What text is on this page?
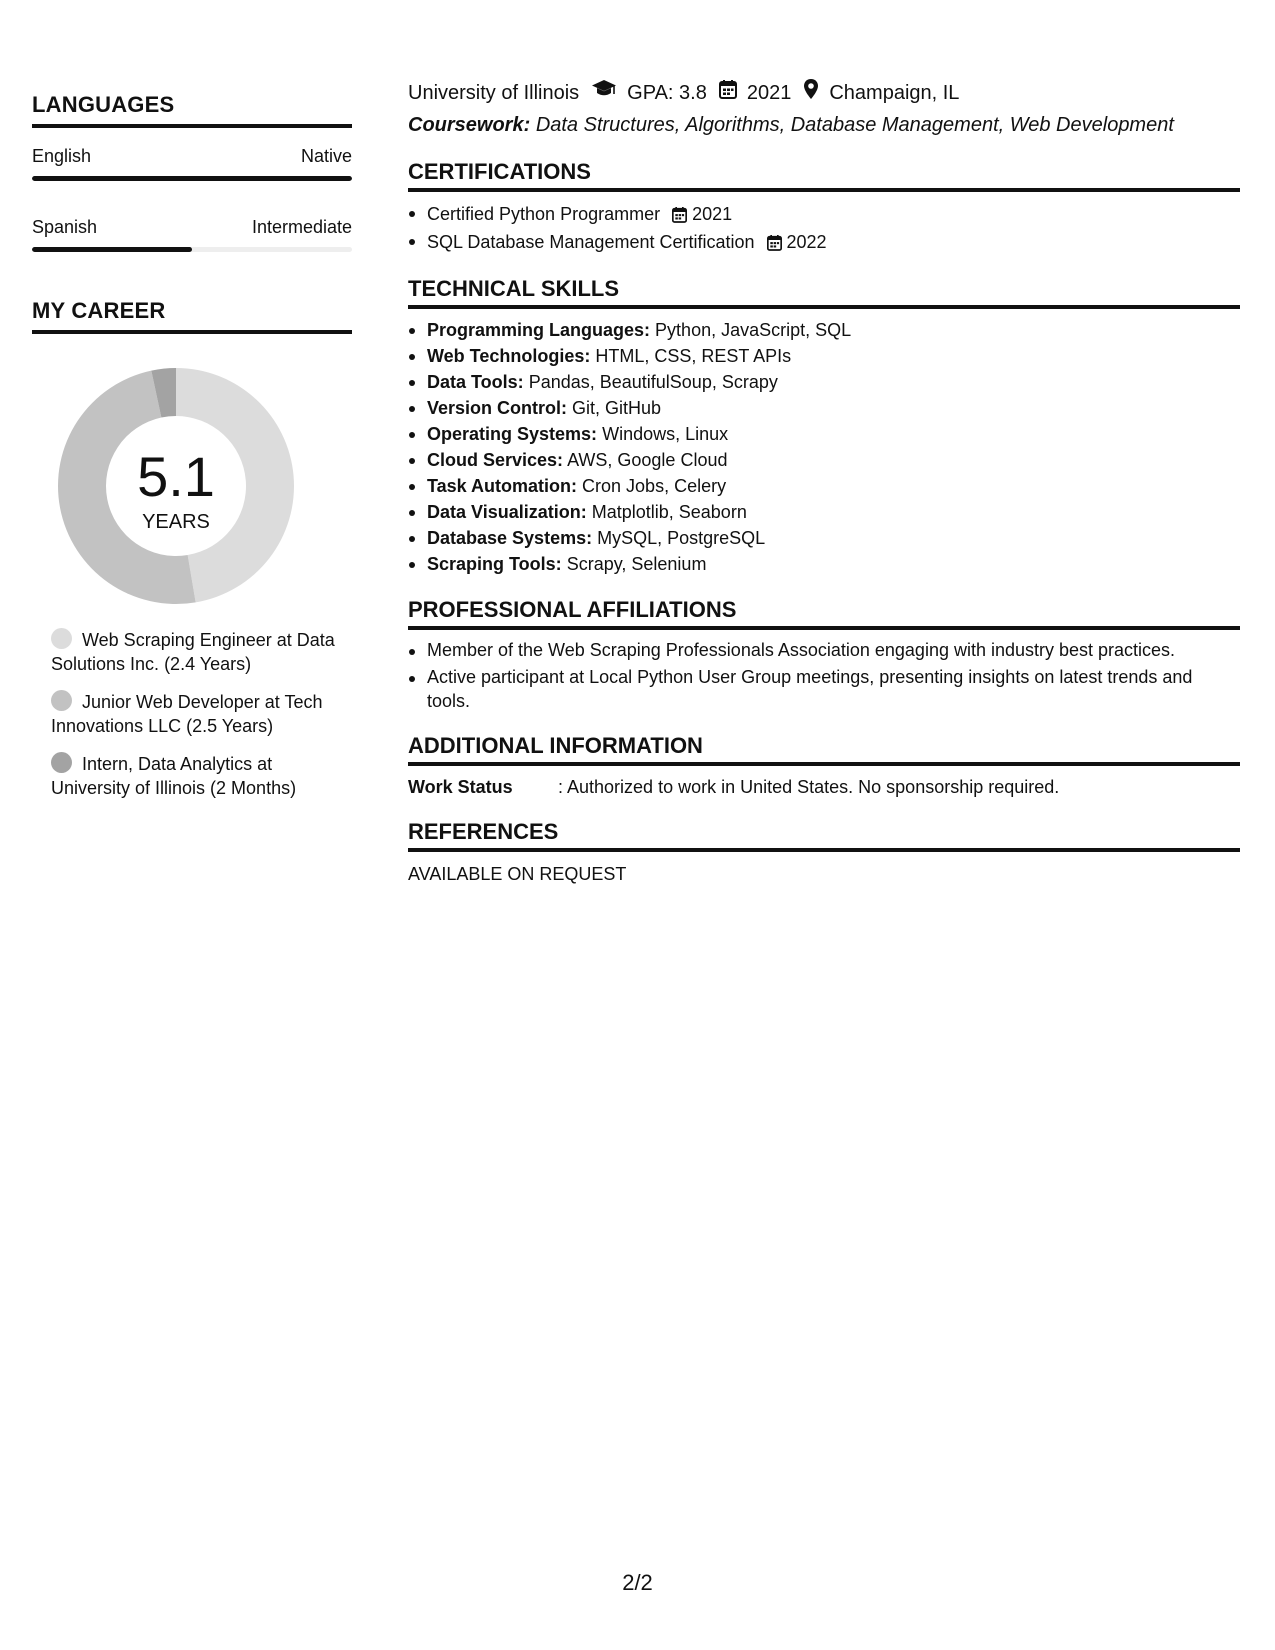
LANGUAGES
English	Native
Spanish	Intermediate
MY CAREER
5.1
YEARS
Web Scraping Engineer at Data Solutions Inc. (2.4 Years)
Junior Web Developer at Tech Innovations LLC (2.5 Years)
Intern, Data Analytics at University of Illinois (2 Months)
University of Illinois GPA: 3.8 2021 Champaign, IL
Coursework: Data Structures, Algorithms, Database Management, Web Development
CERTIFICATIONS
Certified Python Programmer 2021
SQL Database Management Certification 2022
TECHNICAL SKILLS
Programming Languages: Python, JavaScript, SQL
Web Technologies: HTML, CSS, REST APIs
Data Tools: Pandas, BeautifulSoup, Scrapy
Version Control: Git, GitHub
Operating Systems: Windows, Linux
Cloud Services: AWS, Google Cloud
Task Automation: Cron Jobs, Celery
Data Visualization: Matplotlib, Seaborn
Database Systems: MySQL, PostgreSQL
Scraping Tools: Scrapy, Selenium
PROFESSIONAL AFFILIATIONS
Member of the Web Scraping Professionals Association engaging with industry best practices.
Active participant at Local Python User Group meetings, presenting insights on latest trends and tools.
ADDITIONAL INFORMATION
Work Status	: Authorized to work in United States. No sponsorship required.
REFERENCES
AVAILABLE ON REQUEST
2/2
